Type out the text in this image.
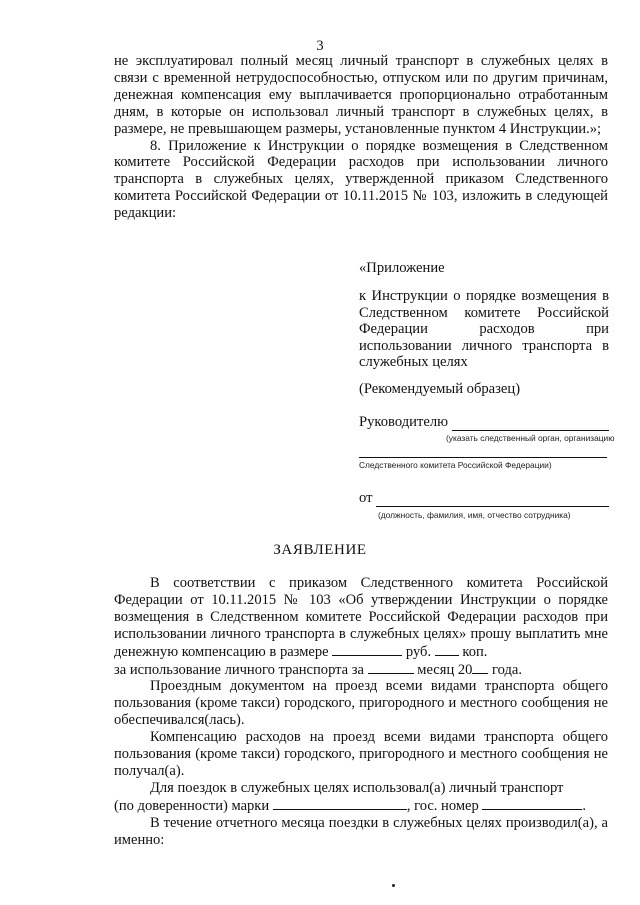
3

не эксплуатировал полный месяц личный транспорт в служебных целях в связи с временной нетрудоспособностью, отпуском или по другим причинам, денежная компенсация ему выплачивается пропорционально отработанным дням, в которые он использовал личный транспорт в служебных целях, в размере, не превышающем размеры, установленные пунктом 4 Инструкции.»;

8. Приложение к Инструкции о порядке возмещения в Следственном комитете Российской Федерации расходов при использовании личного транспорта в служебных целях, утвержденной приказом Следственного комитета Российской Федерации от 10.11.2015 № 103, изложить в следующей редакции:

«Приложение

к Инструкции о порядке возмещения в Следственном комитете Российской Федерации расходов при использовании личного транспорта в служебных целях

(Рекомендуемый образец)

Руководителю
(указать следственный орган, организацию
Следственного комитета Российской Федерации)
от
(должность, фамилия, имя, отчество сотрудника)
ЗАЯВЛЕНИЕ

В соответствии с приказом Следственного комитета Российской Федерации от 10.11.2015 № 103 «Об утверждении Инструкции о порядке возмещения в Следственном комитете Российской Федерации расходов при использовании личного транспорта в служебных целях» прошу выплатить мне денежную компенсацию в размере	руб. коп.

за использование личного транспорта за	месяц 20 года.

Проездным документом на проезд всеми видами транспорта общего пользования (кроме такси) городского, пригородного и местного сообщения не обеспечивался(лась).

Компенсацию расходов на проезд всеми видами транспорта общего пользования (кроме такси) городского, пригородного и местного сообщения не получал(а).

Для поездок в служебных целях использовал(а) личный транспорт

(по доверенности) марки	, гос. номер	.

В течение отчетного месяца поездки в служебных целях производил(а), а именно:
